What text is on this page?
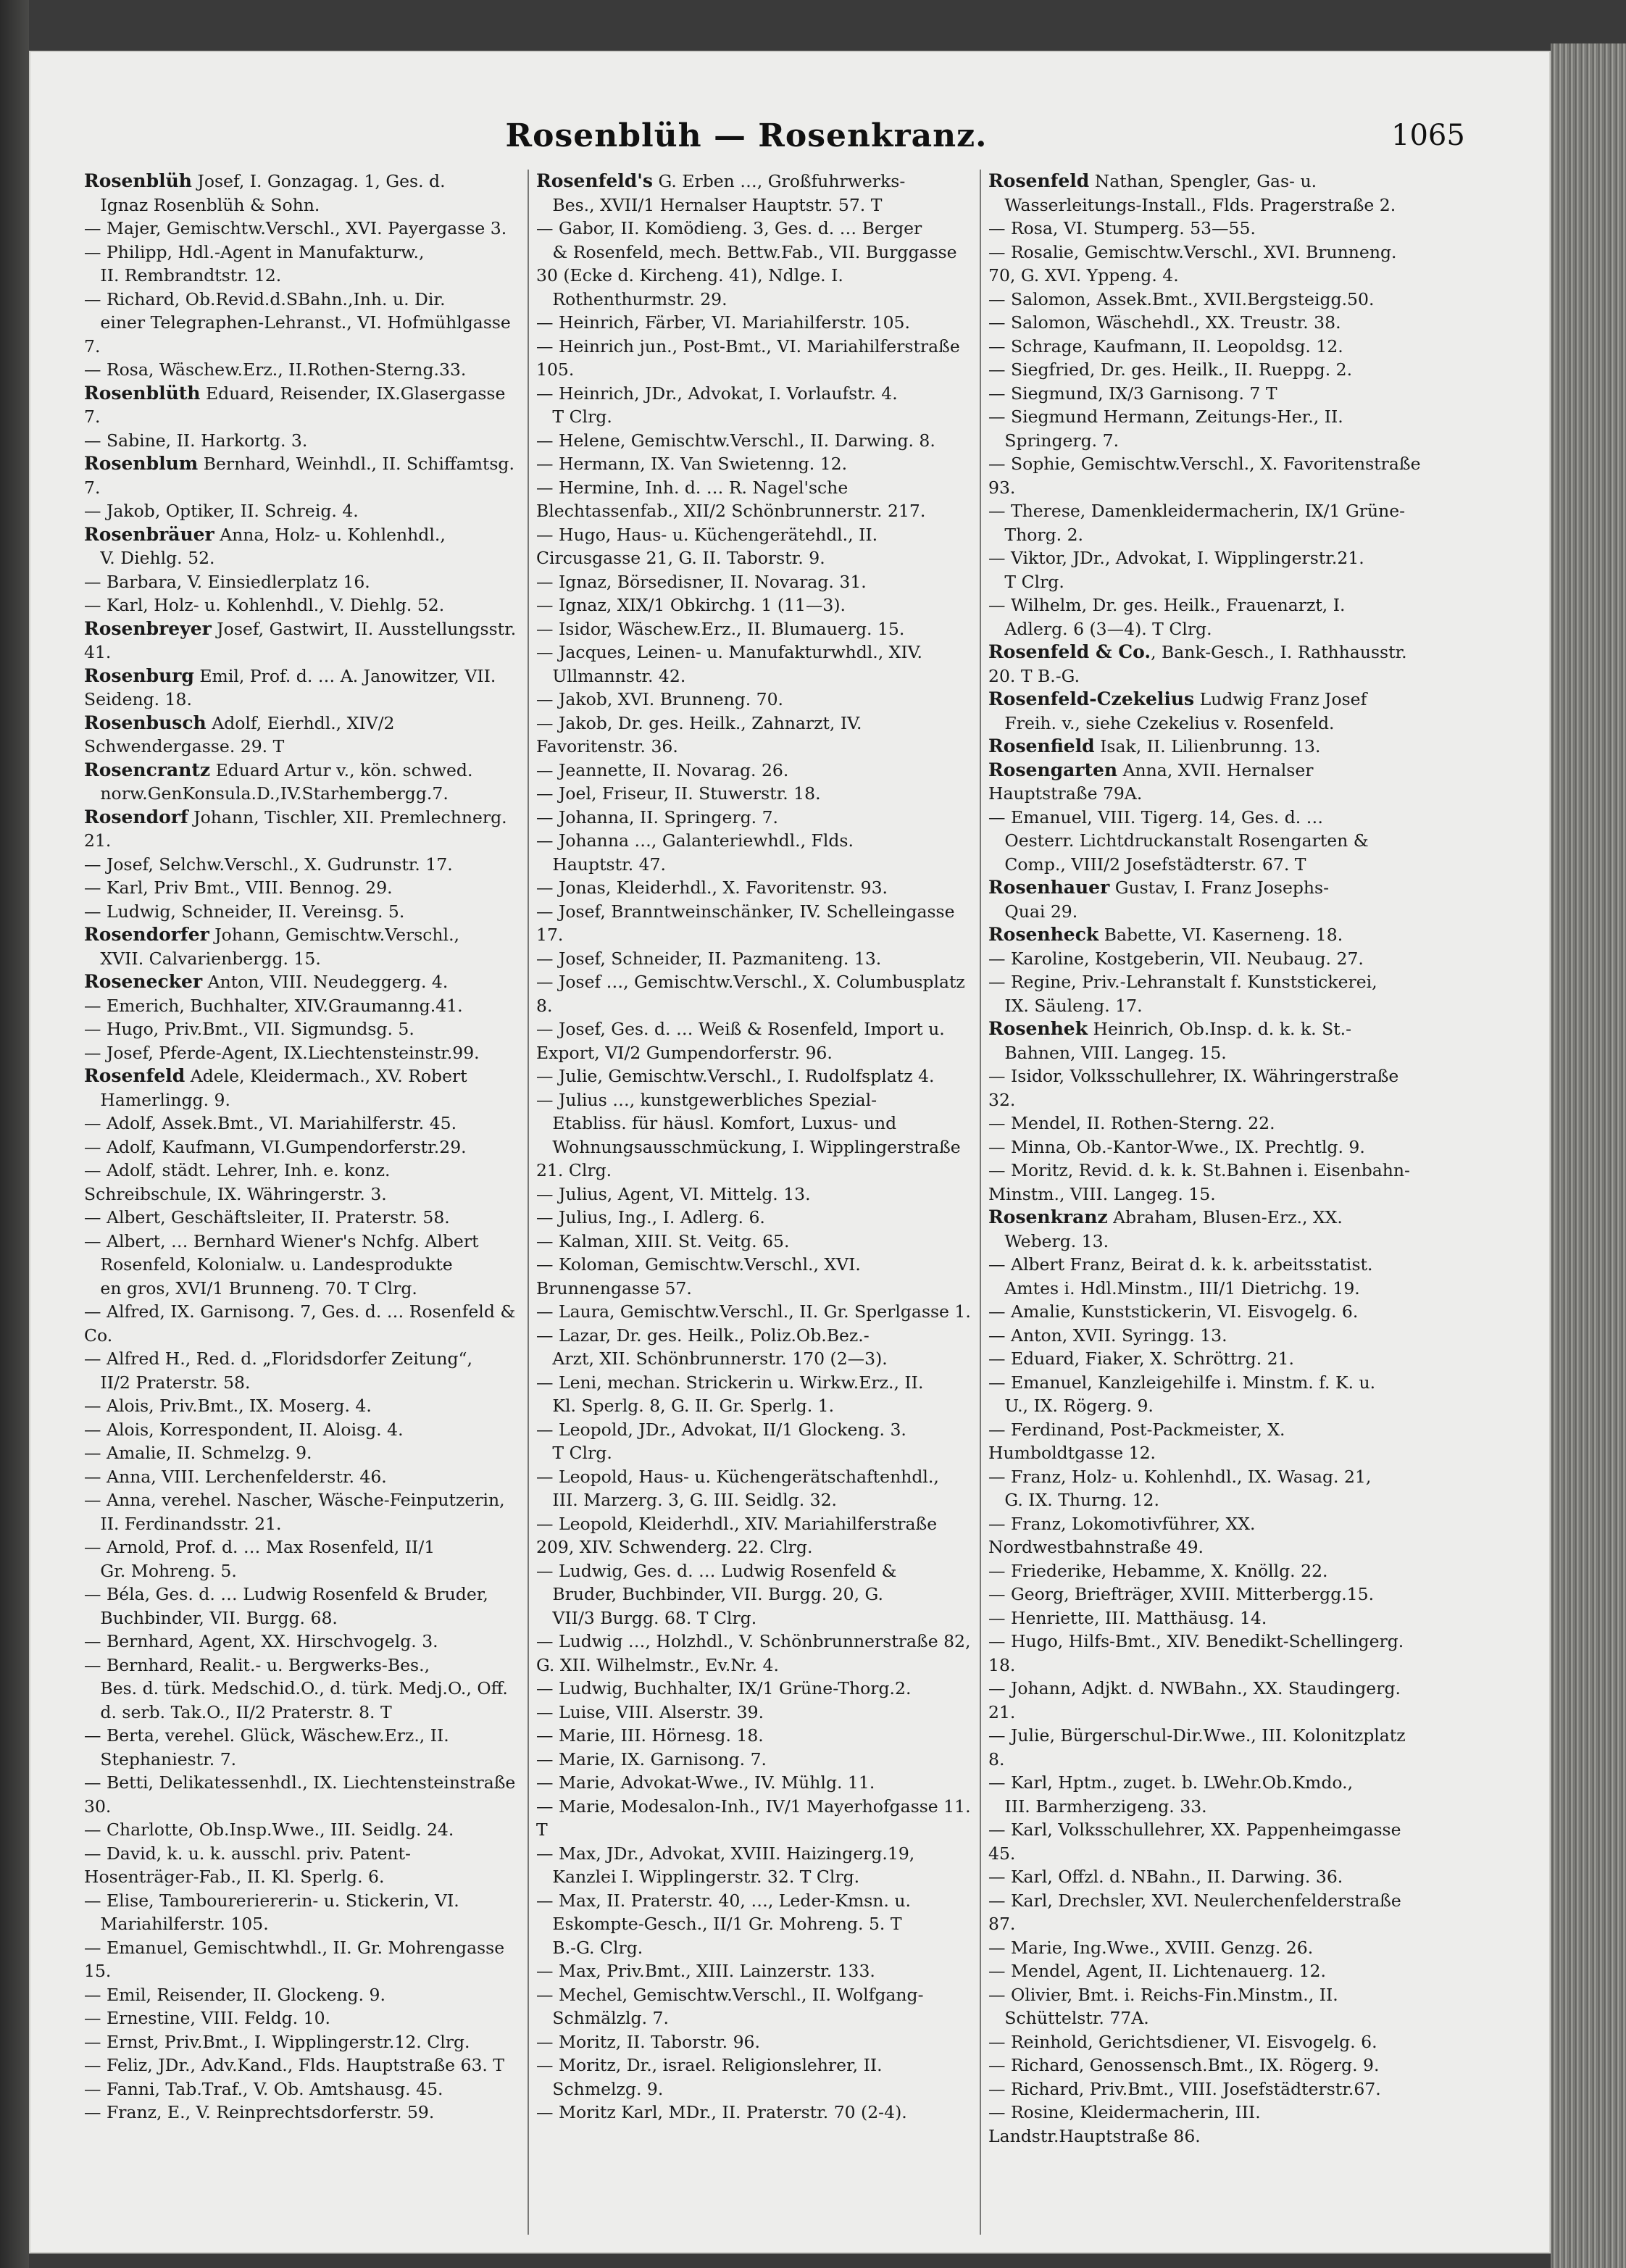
Rosenblüh — Rosenkranz.	1065
Rosenblüh Josef, I. Gonzagag. 1, Ges. d.
Ignaz Rosenblüh & Sohn.
— Majer, Gemischtw.Verschl., XVI. Payergasse 3.
— Philipp, Hdl.-Agent in Manufakturw.,
II. Rembrandtstr. 12.
— Richard, Ob.Revid.d.SBahn.,Inh. u. Dir.
einer Telegraphen-Lehranst., VI. Hofmühlgasse 7.
— Rosa, Wäschew.Erz., II.Rothen-Sterng.33.
Rosenblüth Eduard, Reisender, IX.Glasergasse 7.
— Sabine, II. Harkortg. 3.
Rosenblum Bernhard, Weinhdl., II. Schiffamtsg. 7.
— Jakob, Optiker, II. Schreig. 4.
Rosenbräuer Anna, Holz- u. Kohlenhdl.,
V. Diehlg. 52.
— Barbara, V. Einsiedlerplatz 16.
— Karl, Holz- u. Kohlenhdl., V. Diehlg. 52.
Rosenbreyer Josef, Gastwirt, II. Ausstellungsstr. 41.
Rosenburg Emil, Prof. d. … A. Janowitzer, VII. Seideng. 18.
Rosenbusch Adolf, Eierhdl., XIV/2 Schwendergasse. 29. T
Rosencrantz Eduard Artur v., kön. schwed.
norw.GenKonsula.D.,IV.Starhembergg.7.
Rosendorf Johann, Tischler, XII. Premlechnerg. 21.
— Josef, Selchw.Verschl., X. Gudrunstr. 17.
— Karl, Priv Bmt., VIII. Bennog. 29.
— Ludwig, Schneider, II. Vereinsg. 5.
Rosendorfer Johann, Gemischtw.Verschl.,
XVII. Calvarienbergg. 15.
Rosenecker Anton, VIII. Neudeggerg. 4.
— Emerich, Buchhalter, XIV.Graumanng.41.
— Hugo, Priv.Bmt., VII. Sigmundsg. 5.
— Josef, Pferde-Agent, IX.Liechtensteinstr.99.
Rosenfeld Adele, Kleidermach., XV. Robert
Hamerlingg. 9.
— Adolf, Assek.Bmt., VI. Mariahilferstr. 45.
— Adolf, Kaufmann, VI.Gumpendorferstr.29.
— Adolf, städt. Lehrer, Inh. e. konz. Schreibschule, IX. Währingerstr. 3.
— Albert, Geschäftsleiter, II. Praterstr. 58.
— Albert, … Bernhard Wiener's Nchfg. Albert
Rosenfeld, Kolonialw. u. Landesprodukte
en gros, XVI/1 Brunneng. 70. T Clrg.
— Alfred, IX. Garnisong. 7, Ges. d. … Rosenfeld & Co.
— Alfred H., Red. d. „Floridsdorfer Zeitung“,
II/2 Praterstr. 58.
— Alois, Priv.Bmt., IX. Moserg. 4.
— Alois, Korrespondent, II. Aloisg. 4.
— Amalie, II. Schmelzg. 9.
— Anna, VIII. Lerchenfelderstr. 46.
— Anna, verehel. Nascher, Wäsche-Feinputzerin,
II. Ferdinandsstr. 21.
— Arnold, Prof. d. … Max Rosenfeld, II/1
Gr. Mohreng. 5.
— Béla, Ges. d. … Ludwig Rosenfeld & Bruder,
Buchbinder, VII. Burgg. 68.
— Bernhard, Agent, XX. Hirschvogelg. 3.
— Bernhard, Realit.- u. Bergwerks-Bes.,
Bes. d. türk. Medschid.O., d. türk. Medj.O., Off.
d. serb. Tak.O., II/2 Praterstr. 8. T
— Berta, verehel. Glück, Wäschew.Erz., II.
Stephaniestr. 7.
— Betti, Delikatessenhdl., IX. Liechtensteinstraße 30.
— Charlotte, Ob.Insp.Wwe., III. Seidlg. 24.
— David, k. u. k. ausschl. priv. Patent-Hosenträger-Fab., II. Kl. Sperlg. 6.
— Elise, Tamboureriererin- u. Stickerin, VI.
Mariahilferstr. 105.
— Emanuel, Gemischtwhdl., II. Gr. Mohrengasse 15.
— Emil, Reisender, II. Glockeng. 9.
— Ernestine, VIII. Feldg. 10.
— Ernst, Priv.Bmt., I. Wipplingerstr.12. Clrg.
— Feliz, JDr., Adv.Kand., Flds. Hauptstraße 63. T
— Fanni, Tab.Traf., V. Ob. Amtshausg. 45.
— Franz, E., V. Reinprechtsdorferstr. 59.
Rosenfeld's G. Erben …, Großfuhrwerks-
Bes., XVII/1 Hernalser Hauptstr. 57. T
— Gabor, II. Komödieng. 3, Ges. d. … Berger
& Rosenfeld, mech. Bettw.Fab., VII. Burggasse 30 (Ecke d. Kircheng. 41), Ndlge. I.
Rothenthurmstr. 29.
— Heinrich, Färber, VI. Mariahilferstr. 105.
— Heinrich jun., Post-Bmt., VI. Mariahilferstraße 105.
— Heinrich, JDr., Advokat, I. Vorlaufstr. 4.
T Clrg.
— Helene, Gemischtw.Verschl., II. Darwing. 8.
— Hermann, IX. Van Swietenng. 12.
— Hermine, Inh. d. … R. Nagel'sche Blechtassenfab., XII/2 Schönbrunnerstr. 217.
— Hugo, Haus- u. Küchengerätehdl., II. Circusgasse 21, G. II. Taborstr. 9.
— Ignaz, Börsedisner, II. Novarag. 31.
— Ignaz, XIX/1 Obkirchg. 1 (11—3).
— Isidor, Wäschew.Erz., II. Blumauerg. 15.
— Jacques, Leinen- u. Manufakturwhdl., XIV.
Ullmannstr. 42.
— Jakob, XVI. Brunneng. 70.
— Jakob, Dr. ges. Heilk., Zahnarzt, IV. Favoritenstr. 36.
— Jeannette, II. Novarag. 26.
— Joel, Friseur, II. Stuwerstr. 18.
— Johanna, II. Springerg. 7.
— Johanna …, Galanteriewhdl., Flds.
Hauptstr. 47.
— Jonas, Kleiderhdl., X. Favoritenstr. 93.
— Josef, Branntweinschänker, IV. Schelleingasse 17.
— Josef, Schneider, II. Pazmaniteng. 13.
— Josef …, Gemischtw.Verschl., X. Columbusplatz 8.
— Josef, Ges. d. … Weiß & Rosenfeld, Import u. Export, VI/2 Gumpendorferstr. 96.
— Julie, Gemischtw.Verschl., I. Rudolfsplatz 4.
— Julius …, kunstgewerbliches Spezial-
Etabliss. für häusl. Komfort, Luxus- und
Wohnungsausschmückung, I. Wipplingerstraße 21. Clrg.
— Julius, Agent, VI. Mittelg. 13.
— Julius, Ing., I. Adlerg. 6.
— Kalman, XIII. St. Veitg. 65.
— Koloman, Gemischtw.Verschl., XVI. Brunnengasse 57.
— Laura, Gemischtw.Verschl., II. Gr. Sperlgasse 1.
— Lazar, Dr. ges. Heilk., Poliz.Ob.Bez.-
Arzt, XII. Schönbrunnerstr. 170 (2—3).
— Leni, mechan. Strickerin u. Wirkw.Erz., II.
Kl. Sperlg. 8, G. II. Gr. Sperlg. 1.
— Leopold, JDr., Advokat, II/1 Glockeng. 3.
T Clrg.
— Leopold, Haus- u. Küchengerätschaftenhdl.,
III. Marzerg. 3, G. III. Seidlg. 32.
— Leopold, Kleiderhdl., XIV. Mariahilferstraße 209, XIV. Schwenderg. 22. Clrg.
— Ludwig, Ges. d. … Ludwig Rosenfeld &
Bruder, Buchbinder, VII. Burgg. 20, G.
VII/3 Burgg. 68. T Clrg.
— Ludwig …, Holzhdl., V. Schönbrunnerstraße 82, G. XII. Wilhelmstr., Ev.Nr. 4.
— Ludwig, Buchhalter, IX/1 Grüne-Thorg.2.
— Luise, VIII. Alserstr. 39.
— Marie, III. Hörnesg. 18.
— Marie, IX. Garnisong. 7.
— Marie, Advokat-Wwe., IV. Mühlg. 11.
— Marie, Modesalon-Inh., IV/1 Mayerhofgasse 11. T
— Max, JDr., Advokat, XVIII. Haizingerg.19,
Kanzlei I. Wipplingerstr. 32. T Clrg.
— Max, II. Praterstr. 40, …, Leder-Kmsn. u.
Eskompte-Gesch., II/1 Gr. Mohreng. 5. T
B.-G. Clrg.
— Max, Priv.Bmt., XIII. Lainzerstr. 133.
— Mechel, Gemischtw.Verschl., II. Wolfgang-
Schmälzlg. 7.
— Moritz, II. Taborstr. 96.
— Moritz, Dr., israel. Religionslehrer, II.
Schmelzg. 9.
— Moritz Karl, MDr., II. Praterstr. 70 (2-4).
Rosenfeld Nathan, Spengler, Gas- u.
Wasserleitungs-Install., Flds. Pragerstraße 2.
— Rosa, VI. Stumperg. 53—55.
— Rosalie, Gemischtw.Verschl., XVI. Brunneng. 70, G. XVI. Yppeng. 4.
— Salomon, Assek.Bmt., XVII.Bergsteigg.50.
— Salomon, Wäschehdl., XX. Treustr. 38.
— Schrage, Kaufmann, II. Leopoldsg. 12.
— Siegfried, Dr. ges. Heilk., II. Rueppg. 2.
— Siegmund, IX/3 Garnisong. 7 T
— Siegmund Hermann, Zeitungs-Her., II.
Springerg. 7.
— Sophie, Gemischtw.Verschl., X. Favoritenstraße 93.
— Therese, Damenkleidermacherin, IX/1 Grüne-
Thorg. 2.
— Viktor, JDr., Advokat, I. Wipplingerstr.21.
T Clrg.
— Wilhelm, Dr. ges. Heilk., Frauenarzt, I.
Adlerg. 6 (3—4). T Clrg.
Rosenfeld & Co., Bank-Gesch., I. Rathhausstr. 20. T B.-G.
Rosenfeld-Czekelius Ludwig Franz Josef
Freih. v., siehe Czekelius v. Rosenfeld.
Rosenfield Isak, II. Lilienbrunng. 13.
Rosengarten Anna, XVII. Hernalser Hauptstraße 79A.
— Emanuel, VIII. Tigerg. 14, Ges. d. …
Oesterr. Lichtdruckanstalt Rosengarten &
Comp., VIII/2 Josefstädterstr. 67. T
Rosenhauer Gustav, I. Franz Josephs-
Quai 29.
Rosenheck Babette, VI. Kaserneng. 18.
— Karoline, Kostgeberin, VII. Neubaug. 27.
— Regine, Priv.-Lehranstalt f. Kunststickerei,
IX. Säuleng. 17.
Rosenhek Heinrich, Ob.Insp. d. k. k. St.-
Bahnen, VIII. Langeg. 15.
— Isidor, Volksschullehrer, IX. Währingerstraße 32.
— Mendel, II. Rothen-Sterng. 22.
— Minna, Ob.-Kantor-Wwe., IX. Prechtlg. 9.
— Moritz, Revid. d. k. k. St.Bahnen i. Eisenbahn-Minstm., VIII. Langeg. 15.
Rosenkranz Abraham, Blusen-Erz., XX.
Weberg. 13.
— Albert Franz, Beirat d. k. k. arbeitsstatist.
Amtes i. Hdl.Minstm., III/1 Dietrichg. 19.
— Amalie, Kunststickerin, VI. Eisvogelg. 6.
— Anton, XVII. Syringg. 13.
— Eduard, Fiaker, X. Schröttrg. 21.
— Emanuel, Kanzleigehilfe i. Minstm. f. K. u.
U., IX. Rögerg. 9.
— Ferdinand, Post-Packmeister, X. Humboldtgasse 12.
— Franz, Holz- u. Kohlenhdl., IX. Wasag. 21,
G. IX. Thurng. 12.
— Franz, Lokomotivführer, XX. Nordwestbahnstraße 49.
— Friederike, Hebamme, X. Knöllg. 22.
— Georg, Briefträger, XVIII. Mitterbergg.15.
— Henriette, III. Matthäusg. 14.
— Hugo, Hilfs-Bmt., XIV. Benedikt-Schellingerg. 18.
— Johann, Adjkt. d. NWBahn., XX. Staudingerg. 21.
— Julie, Bürgerschul-Dir.Wwe., III. Kolonitzplatz 8.
— Karl, Hptm., zuget. b. LWehr.Ob.Kmdo.,
III. Barmherzigeng. 33.
— Karl, Volksschullehrer, XX. Pappenheimgasse 45.
— Karl, Offzl. d. NBahn., II. Darwing. 36.
— Karl, Drechsler, XVI. Neulerchenfelderstraße 87.
— Marie, Ing.Wwe., XVIII. Genzg. 26.
— Mendel, Agent, II. Lichtenauerg. 12.
— Olivier, Bmt. i. Reichs-Fin.Minstm., II.
Schüttelstr. 77A.
— Reinhold, Gerichtsdiener, VI. Eisvogelg. 6.
— Richard, Genossensch.Bmt., IX. Rögerg. 9.
— Richard, Priv.Bmt., VIII. Josefstädterstr.67.
— Rosine, Kleidermacherin, III. Landstr.Hauptstraße 86.
